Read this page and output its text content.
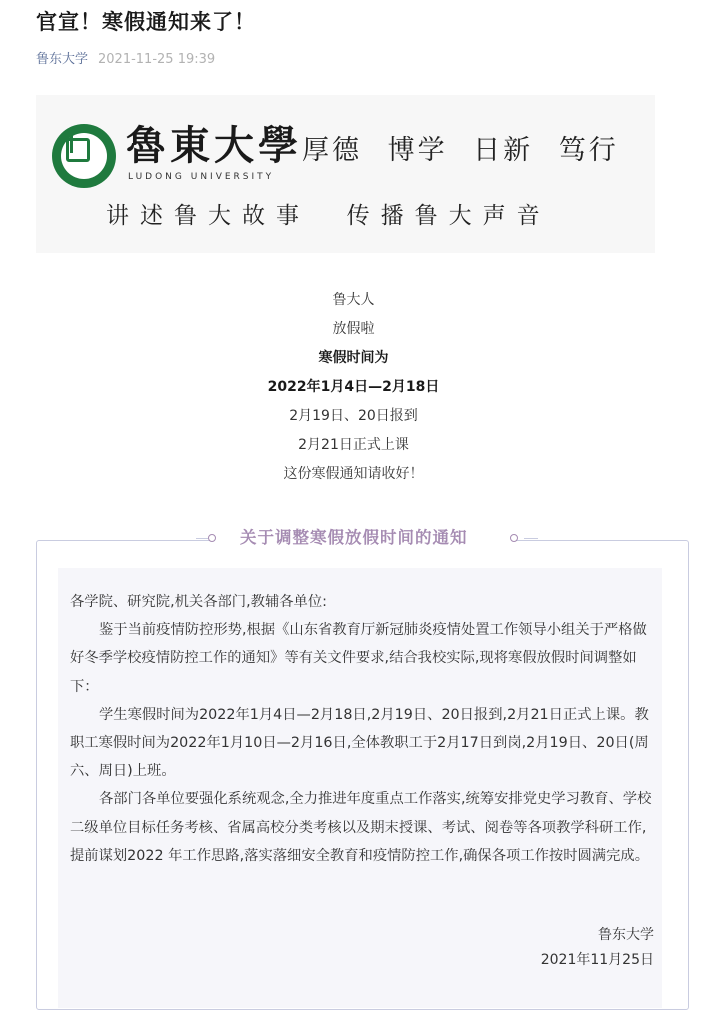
官宣！寒假通知来了！
鲁东大学 2021-11-25 19:39
魯東大學
LUDONG UNIVERSITY
厚德 博学 日新 笃行
讲述鲁大故事  传播鲁大声音
鲁大人
放假啦
寒假时间为
2022年1月4日—2月18日
2月19日、20日报到
2月21日正式上课
这份寒假通知请收好！
关于调整寒假放假时间的通知

各学院、研究院,机关各部门,教辅各单位:

鉴于当前疫情防控形势,根据《山东省教育厅新冠肺炎疫情处置工作领导小组关于严格做好冬季学校疫情防控工作的通知》等有关文件要求,结合我校实际,现将寒假放假时间调整如下：

学生寒假时间为2022年1月4日—2月18日,2月19日、20日报到,2月21日正式上课。教职工寒假时间为2022年1月10日—2月16日,全体教职工于2月17日到岗,2月19日、20日(周六、周日)上班。

各部门各单位要强化系统观念,全力推进年度重点工作落实,统筹安排党史学习教育、学校二级单位目标任务考核、省属高校分类考核以及期末授课、考试、阅卷等各项教学科研工作,提前谋划2022 年工作思路,落实落细安全教育和疫情防控工作,确保各项工作按时圆满完成。

鲁东大学
2021年11月25日
